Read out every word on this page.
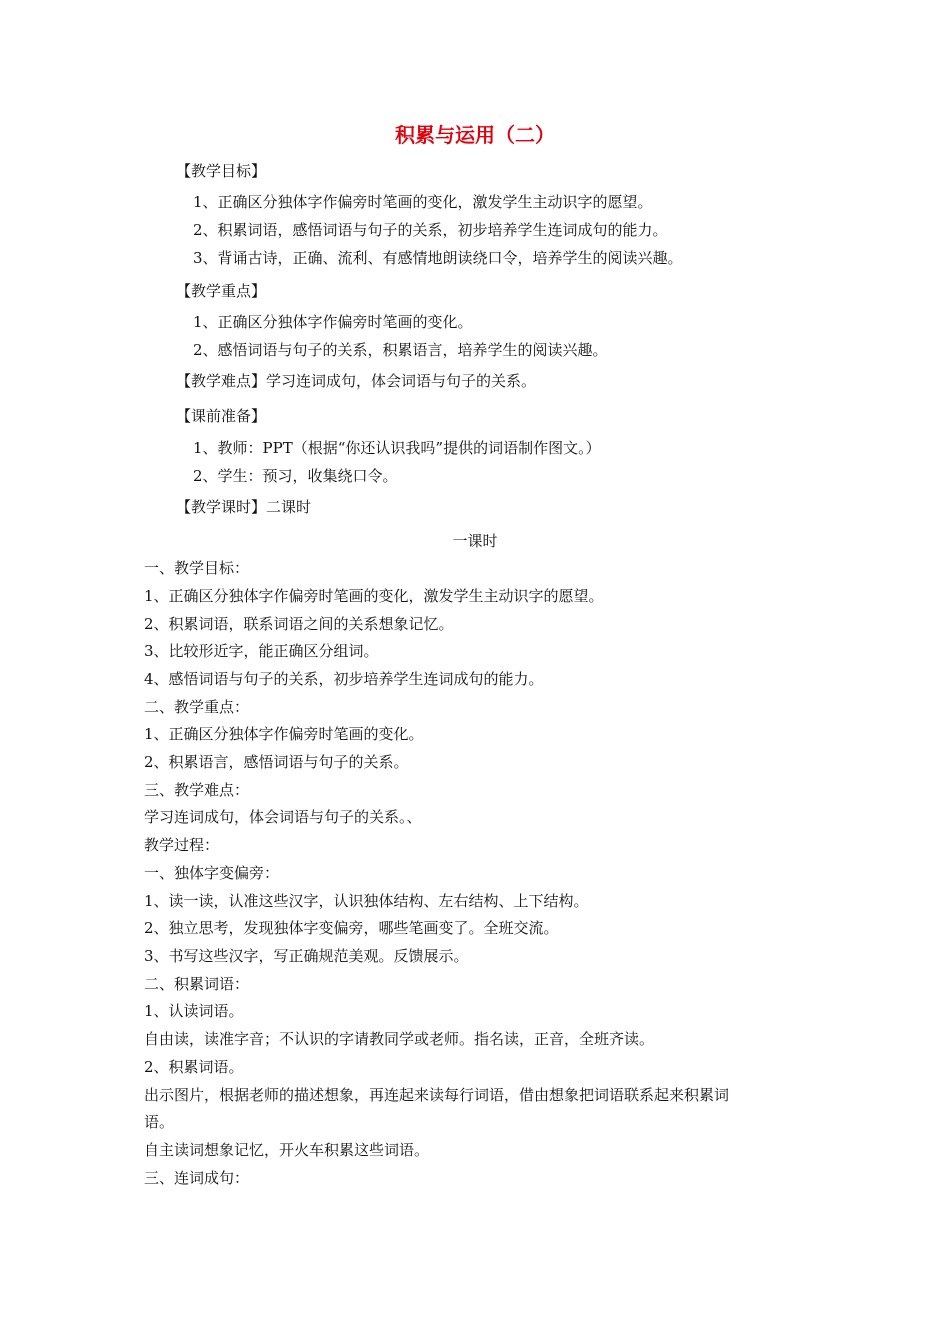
积累与运用（二）
【教学目标】
1、正确区分独体字作偏旁时笔画的变化，激发学生主动识字的愿望。
2、积累词语，感悟词语与句子的关系，初步培养学生连词成句的能力。
3、背诵古诗，正确、流利、有感情地朗读绕口令，培养学生的阅读兴趣。
【教学重点】
1、正确区分独体字作偏旁时笔画的变化。
2、感悟词语与句子的关系，积累语言，培养学生的阅读兴趣。
【教学难点】学习连词成句，体会词语与句子的关系。
【课前准备】
1、教师：PPT（根据“你还认识我吗”提供的词语制作图文。）
2、学生：预习，收集绕口令。
【教学课时】二课时
一课时
一、教学目标：
1、正确区分独体字作偏旁时笔画的变化，激发学生主动识字的愿望。
2、积累词语，联系词语之间的关系想象记忆。
3、比较形近字，能正确区分组词。
4、感悟词语与句子的关系，初步培养学生连词成句的能力。
二、教学重点：
1、正确区分独体字作偏旁时笔画的变化。
2、积累语言，感悟词语与句子的关系。
三、教学难点：
学习连词成句，体会词语与句子的关系。、
教学过程：
一、独体字变偏旁：
1、读一读，认准这些汉字，认识独体结构、左右结构、上下结构。
2、独立思考，发现独体字变偏旁，哪些笔画变了。全班交流。
3、书写这些汉字，写正确规范美观。反馈展示。
二、积累词语：
1、认读词语。
自由读，读准字音；不认识的字请教同学或老师。指名读，正音，全班齐读。
2、积累词语。
出示图片，根据老师的描述想象，再连起来读每行词语，借由想象把词语联系起来积累词
语。
自主读词想象记忆，开火车积累这些词语。
三、连词成句：
